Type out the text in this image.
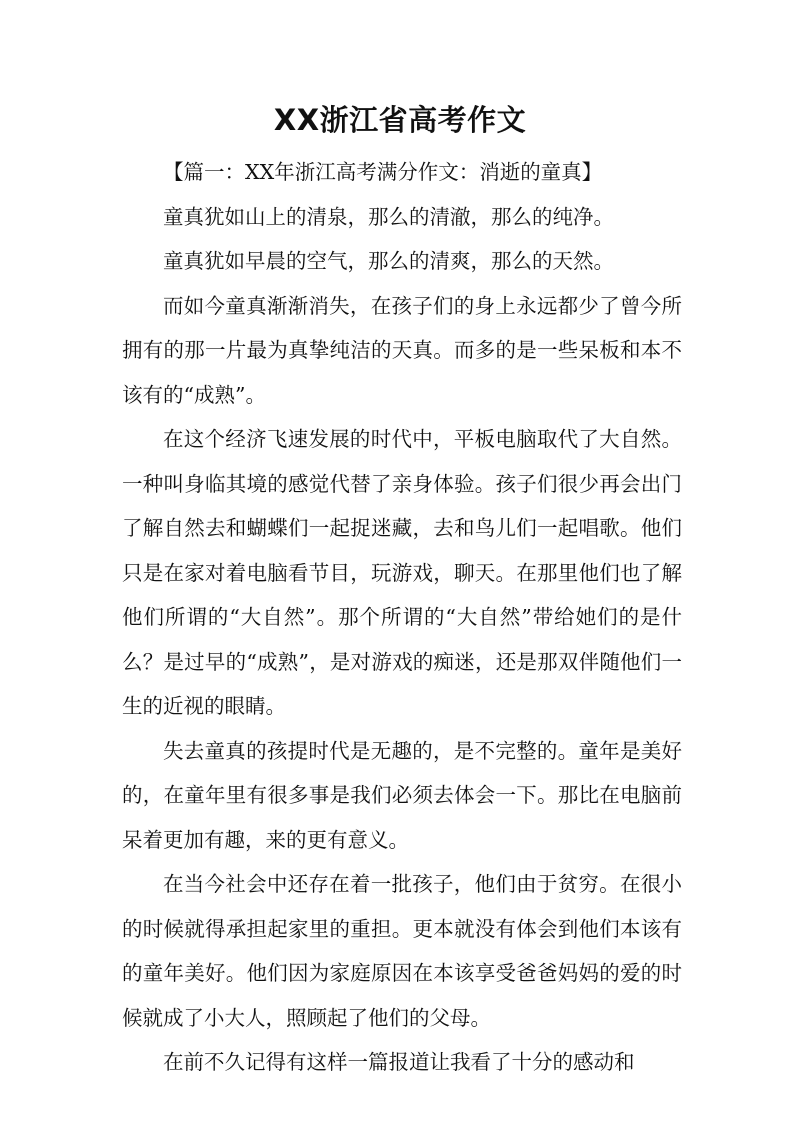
XX浙江省高考作文

【篇一：XX年浙江高考满分作文：消逝的童真】

童真犹如山上的清泉，那么的清澈，那么的纯净。

童真犹如早晨的空气，那么的清爽，那么的天然。

而如今童真渐渐消失，在孩子们的身上永远都少了曾今所拥有的那一片最为真挚纯洁的天真。而多的是一些呆板和本不该有的“成熟”。

在这个经济飞速发展的时代中，平板电脑取代了大自然。一种叫身临其境的感觉代替了亲身体验。孩子们很少再会出门了解自然去和蝴蝶们一起捉迷藏，去和鸟儿们一起唱歌。他们只是在家对着电脑看节目，玩游戏，聊天。在那里他们也了解他们所谓的“大自然”。那个所谓的“大自然”带给她们的是什么？是过早的“成熟”，是对游戏的痴迷，还是那双伴随他们一生的近视的眼睛。

失去童真的孩提时代是无趣的，是不完整的。童年是美好的，在童年里有很多事是我们必须去体会一下。那比在电脑前呆着更加有趣，来的更有意义。

在当今社会中还存在着一批孩子，他们由于贫穷。在很小的时候就得承担起家里的重担。更本就没有体会到他们本该有的童年美好。他们因为家庭原因在本该享受爸爸妈妈的爱的时候就成了小大人，照顾起了他们的父母。

在前不久记得有这样一篇报道让我看了十分的感动和
